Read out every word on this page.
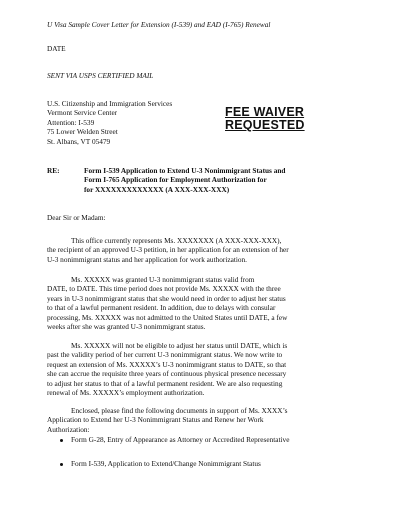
U Visa Sample Cover Letter for Extension (I-539) and EAD (I-765) Renewal
DATE
SENT VIA USPS CERTIFIED MAIL
U.S. Citizenship and Immigration Services
Vermont Service Center
Attention: I-539
75 Lower Welden Street
St. Albans, VT 05479
FEE WAIVER
REQUESTED
RE:	Form I-539 Application to Extend U-3 Nonimmigrant Status and
Form I-765 Application for Employment Authorization for
for XXXXXXXXXXXXX (A XXX-XXX-XXX)
Dear Sir or Madam:
This office currently represents Ms. XXXXXXX (A XXX-XXX-XXX),
the recipient of an approved U-3 petition, in her application for an extension of her
U-3 nonimmigrant status and her application for work authorization.
Ms. XXXXX was granted U-3 nonimmigrant status valid from
DATE, to DATE. This time period does not provide Ms. XXXXX with the three
years in U-3 nonimmigrant status that she would need in order to adjust her status
to that of a lawful permanent resident. In addition, due to delays with consular
processing, Ms. XXXXX was not admitted to the United States until DATE, a few
weeks after she was granted U-3 nonimmigrant status.
Ms. XXXXX will not be eligible to adjust her status until DATE, which is
past the validity period of her current U-3 nonimmigrant status. We now write to
request an extension of Ms. XXXXX’s U-3 nonimmigrant status to DATE, so that
she can accrue the requisite three years of continuous physical presence necessary
to adjust her status to that of a lawful permanent resident. We are also requesting
renewal of Ms. XXXXX’s employment authorization.
Enclosed, please find the following documents in support of Ms. XXXX’s
Application to Extend her U-3 Nonimmigrant Status and Renew her Work
Authorization:
Form G-28, Entry of Appearance as Attorney or Accredited Representative
Form I-539, Application to Extend/Change Nonimmigrant Status
